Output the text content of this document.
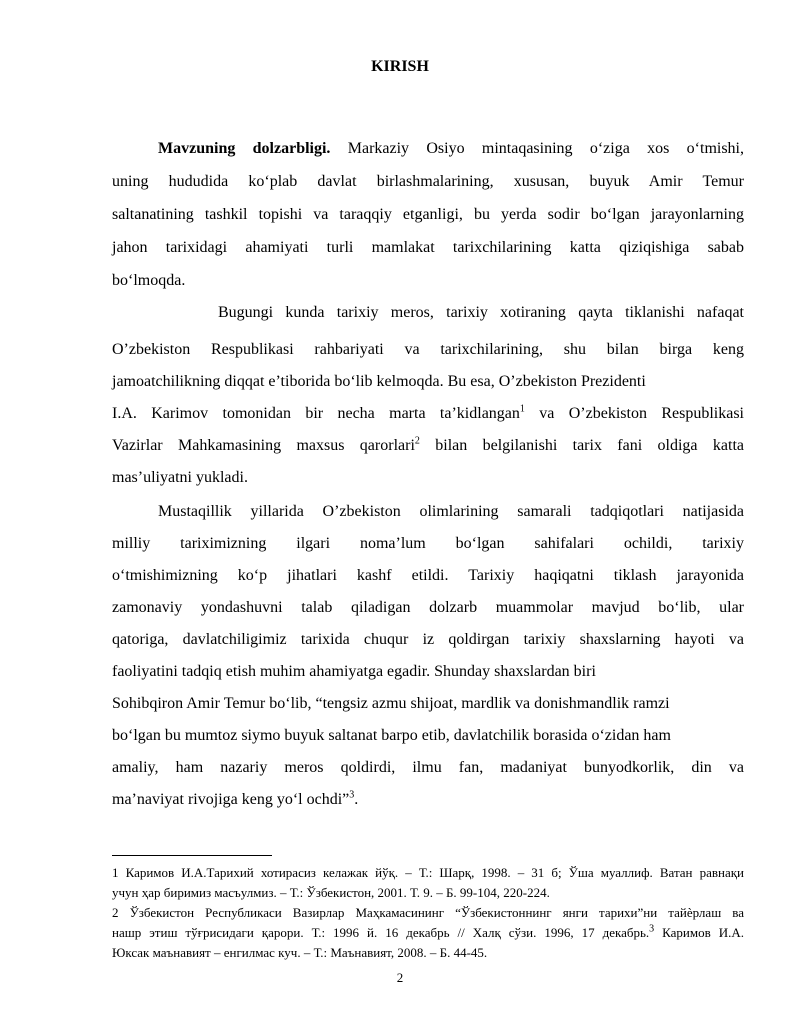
KIRISH
Mavzuning dolzarbligi. Markaziy Osiyo mintaqasining o‘ziga xos o‘tmishi,
uning hududida ko‘plab davlat birlashmalarining, xususan, buyuk Amir Temur
saltanatining tashkil topishi va taraqqiy etganligi, bu yerda sodir bo‘lgan jarayonlarning
jahon tarixidagi ahamiyati turli mamlakat tarixchilarining katta qiziqishiga sabab
bo‘lmoqda.
Bugungi kunda tarixiy meros, tarixiy xotiraning qayta tiklanishi nafaqat
O’zbekiston Respublikasi rahbariyati va tarixchilarining, shu bilan birga keng
jamoatchilikning diqqat e’tiborida bo‘lib kelmoqda. Bu esa, O’zbekiston Prezidenti
I.A. Karimov tomonidan bir necha marta ta’kidlangan$^1$ va O’zbekiston Respublikasi
Vazirlar Mahkamasining maxsus qarorlari$^2$ bilan belgilanishi tarix fani oldiga katta
mas’uliyatni yukladi.
Mustaqillik yillarida O’zbekiston olimlarining samarali tadqiqotlari natijasida
milliy tariximizning ilgari noma’lum bo‘lgan sahifalari ochildi, tarixiy
o‘tmishimizning ko‘p jihatlari kashf etildi. Tarixiy haqiqatni tiklash jarayonida
zamonaviy yondashuvni talab qiladigan dolzarb muammolar mavjud bo‘lib, ular
qatoriga, davlatchiligimiz tarixida chuqur iz qoldirgan tarixiy shaxslarning hayoti va
faoliyatini tadqiq etish muhim ahamiyatga egadir. Shunday shaxslardan biri
Sohibqiron Amir Temur bo‘lib, “tengsiz azmu shijoat, mardlik va donishmandlik ramzi
bo‘lgan bu mumtoz siymo buyuk saltanat barpo etib, davlatchilik borasida o‘zidan ham
amaliy, ham nazariy meros qoldirdi, ilmu fan, madaniyat bunyodkorlik, din va
ma’naviyat rivojiga keng yo‘l ochdi”$^3$.
1 Каримов И.А.Тарихий хотирасиз келажак йўқ. – Т.: Шарқ, 1998. – 31 б; Ўша муаллиф. Ватан равнақи
учун ҳар биримиз масъулмиз. – Т.: Ўзбекистон, 2001. Т. 9. – Б. 99-104, 220-224.
2 Ўзбекистон Республикаси Вазирлар Маҳкамасининг “Ўзбекистоннинг янги тарихи”ни тайѐрлаш ва
нашр этиш тўғрисидаги қарори. Т.: 1996 й. 16 декабрь // Халқ сўзи. 1996, 17 декабрь.$^3$ Каримов И.А.
Юксак маънавият – енгилмас куч. – Т.: Маънавият, 2008. – Б. 44-45.
2
